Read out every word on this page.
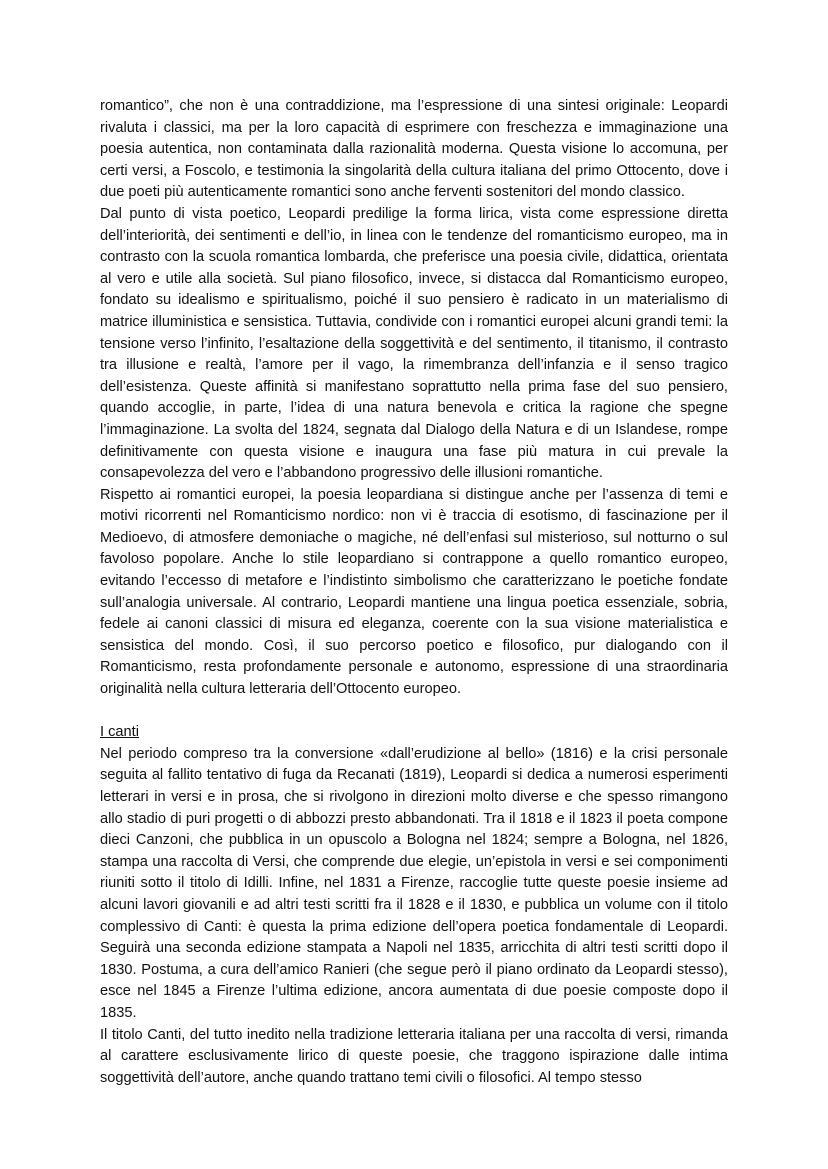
romantico”, che non è una contraddizione, ma l’espressione di una sintesi originale: Leopardi rivaluta i classici, ma per la loro capacità di esprimere con freschezza e immaginazione una poesia autentica, non contaminata dalla razionalità moderna. Questa visione lo accomuna, per certi versi, a Foscolo, e testimonia la singolarità della cultura italiana del primo Ottocento, dove i due poeti più autenticamente romantici sono anche ferventi sostenitori del mondo classico.

Dal punto di vista poetico, Leopardi predilige la forma lirica, vista come espressione diretta dell’interiorità, dei sentimenti e dell’io, in linea con le tendenze del romanticismo europeo, ma in contrasto con la scuola romantica lombarda, che preferisce una poesia civile, didattica, orientata al vero e utile alla società. Sul piano filosofico, invece, si distacca dal Romanticismo europeo, fondato su idealismo e spiritualismo, poiché il suo pensiero è radicato in un materialismo di matrice illuministica e sensistica. Tuttavia, condivide con i romantici europei alcuni grandi temi: la tensione verso l’infinito, l’esaltazione della soggettività e del sentimento, il titanismo, il contrasto tra illusione e realtà, l’amore per il vago, la rimembranza dell’infanzia e il senso tragico dell’esistenza. Queste affinità si manifestano soprattutto nella prima fase del suo pensiero, quando accoglie, in parte, l’idea di una natura benevola e critica la ragione che spegne l’immaginazione. La svolta del 1824, segnata dal Dialogo della Natura e di un Islandese, rompe definitivamente con questa visione e inaugura una fase più matura in cui prevale la consapevolezza del vero e l’abbandono progressivo delle illusioni romantiche.

Rispetto ai romantici europei, la poesia leopardiana si distingue anche per l’assenza di temi e motivi ricorrenti nel Romanticismo nordico: non vi è traccia di esotismo, di fascinazione per il Medioevo, di atmosfere demoniache o magiche, né dell’enfasi sul misterioso, sul notturno o sul favoloso popolare. Anche lo stile leopardiano si contrappone a quello romantico europeo, evitando l’eccesso di metafore e l’indistinto simbolismo che caratterizzano le poetiche fondate sull’analogia universale. Al contrario, Leopardi mantiene una lingua poetica essenziale, sobria, fedele ai canoni classici di misura ed eleganza, coerente con la sua visione materialistica e sensistica del mondo. Così, il suo percorso poetico e filosofico, pur dialogando con il Romanticismo, resta profondamente personale e autonomo, espressione di una straordinaria originalità nella cultura letteraria dell’Ottocento europeo.

I canti

Nel periodo compreso tra la conversione «dall’erudizione al bello» (1816) e la crisi personale seguita al fallito tentativo di fuga da Recanati (1819), Leopardi si dedica a numerosi esperimenti letterari in versi e in prosa, che si rivolgono in direzioni molto diverse e che spesso rimangono allo stadio di puri progetti o di abbozzi presto abbandonati. Tra il 1818 e il 1823 il poeta compone dieci Canzoni, che pubblica in un opuscolo a Bologna nel 1824; sempre a Bologna, nel 1826, stampa una raccolta di Versi, che comprende due elegie, un’epistola in versi e sei componimenti riuniti sotto il titolo di Idilli. Infine, nel 1831 a Firenze, raccoglie tutte queste poesie insieme ad alcuni lavori giovanili e ad altri testi scritti fra il 1828 e il 1830, e pubblica un volume con il titolo complessivo di Canti: è questa la prima edizione dell’opera poetica fondamentale di Leopardi. Seguirà una seconda edizione stampata a Napoli nel 1835, arricchita di altri testi scritti dopo il 1830. Postuma, a cura dell’amico Ranieri (che segue però il piano ordinato da Leopardi stesso), esce nel 1845 a Firenze l’ultima edizione, ancora aumentata di due poesie composte dopo il 1835.

Il titolo Canti, del tutto inedito nella tradizione letteraria italiana per una raccolta di versi, rimanda al carattere esclusivamente lirico di queste poesie, che traggono ispirazione dalle intima soggettività dell’autore, anche quando trattano temi civili o filosofici. Al tempo stesso
